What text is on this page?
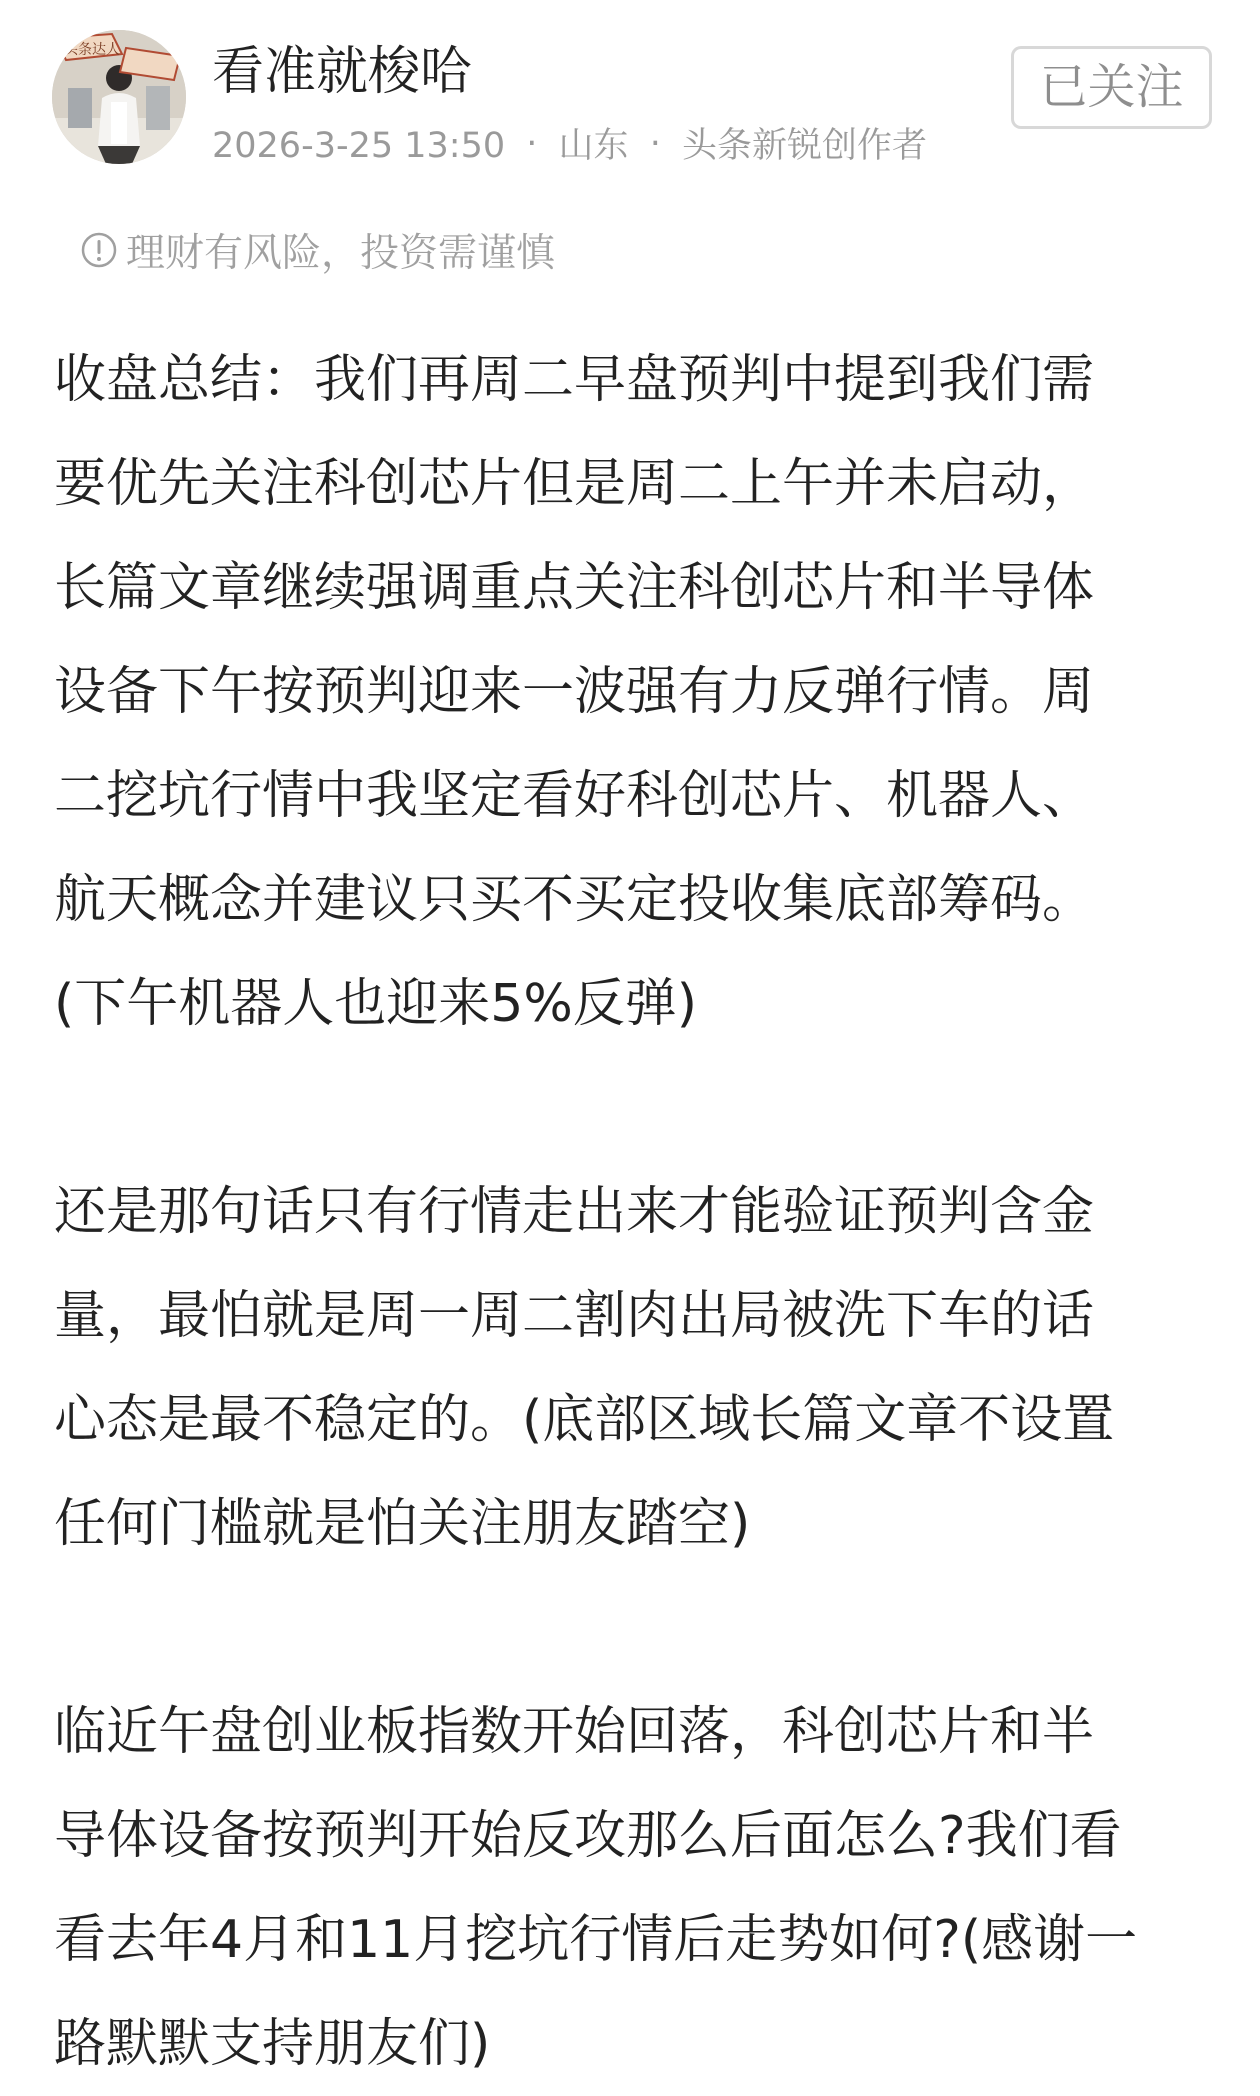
头条达人 看准就梭哈
2026-3-25 13:50 · 山东 · 头条新锐创作者
已关注
理财有风险，投资需谨慎

收盘总结：我们再周二早盘预判中提到我们需
要优先关注科创芯片但是周二上午并未启动，
长篇文章继续强调重点关注科创芯片和半导体
设备下午按预判迎来一波强有力反弹行情。周
二挖坑行情中我坚定看好科创芯片、机器人、
航天概念并建议只买不买定投收集底部筹码。
(下午机器人也迎来5%反弹)

还是那句话只有行情走出来才能验证预判含金
量，最怕就是周一周二割肉出局被洗下车的话
心态是最不稳定的。(底部区域长篇文章不设置
任何门槛就是怕关注朋友踏空)

临近午盘创业板指数开始回落，科创芯片和半
导体设备按预判开始反攻那么后面怎么?我们看
看去年4月和11月挖坑行情后走势如何?(感谢一
路默默支持朋友们)
